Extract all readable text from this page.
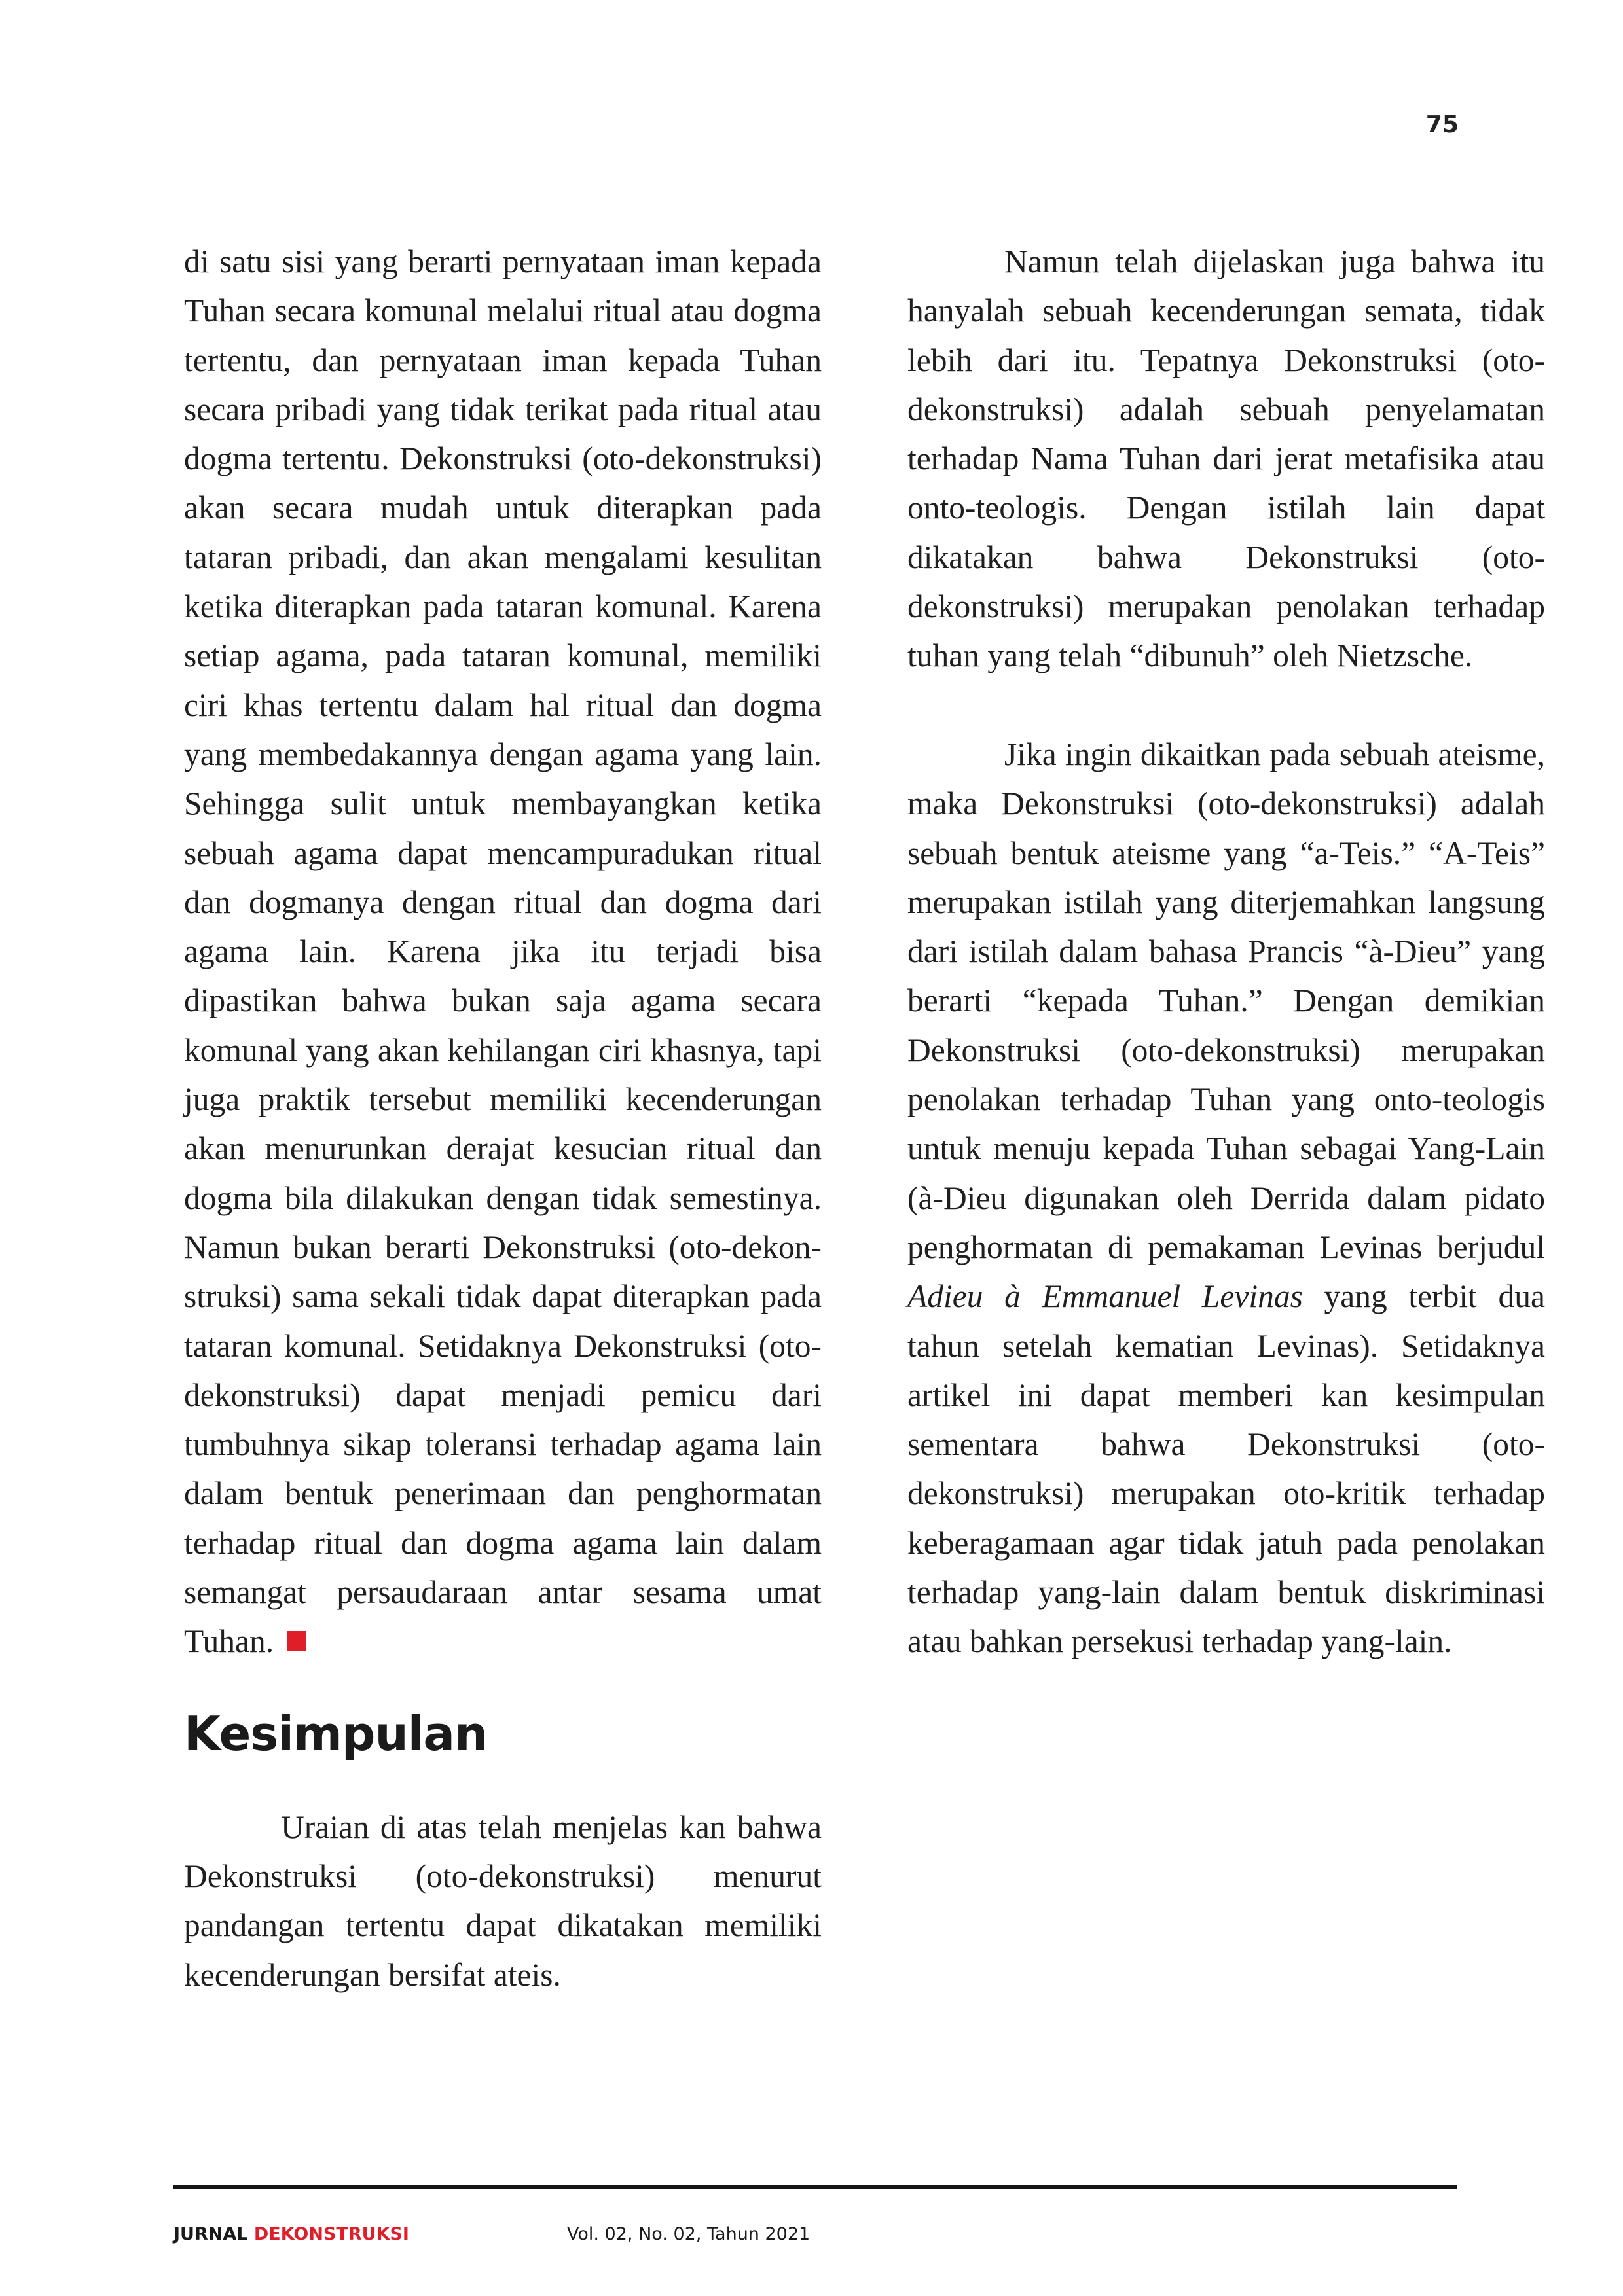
75

di satu sisi yang berarti pernyataan iman kepada Tuhan secara komunal melalui ritual atau dogma tertentu, dan pernyataan iman kepada Tuhan secara pribadi yang tidak terikat pada ritual atau dogma tertentu. Dekonstruksi (oto-dekonstruksi) akan secara mudah untuk diterapkan pada tataran pribadi, dan akan mengalami kesulitan ketika diterapkan pada tataran komunal. Karena setiap agama, pada tataran komunal, memiliki ciri khas tertentu dalam hal ritual dan dogma yang membedakannya dengan agama yang lain. Sehingga sulit untuk membayangkan ketika sebuah agama dapat mencampuradukan ritual dan dogmanya dengan ritual dan dogma dari agama lain. Karena jika itu terjadi bisa dipastikan bahwa bukan saja agama secara komunal yang akan kehilangan ciri khasnya, tapi juga praktik tersebut memiliki kecenderungan akan menurunkan derajat kesucian ritual dan dogma bila dilakukan dengan tidak semestinya. Namun bukan berarti Dekonstruksi (oto-dekonstruksi) sama sekali tidak dapat diterapkan pada tataran komunal. Setidaknya Dekonstruksi (oto-dekonstruksi) dapat menjadi pemicu dari tumbuhnya sikap toleransi terhadap agama lain dalam bentuk penerimaan dan penghormatan terhadap ritual dan dogma agama lain dalam semangat persaudaraan antar sesama umat Tuhan.

Kesimpulan

Uraian di atas telah menjelas kan bahwa Dekonstruksi (oto-dekonstruksi) menurut pandangan tertentu dapat dikatakan memiliki kecenderungan bersifat ateis.

Namun telah dijelaskan juga bahwa itu hanyalah sebuah kecenderungan semata, tidak lebih dari itu. Tepatnya Dekonstruksi (oto-dekonstruksi) adalah sebuah penyelamatan terhadap Nama Tuhan dari jerat metafisika atau onto-teologis. Dengan istilah lain dapat dikatakan bahwa Dekonstruksi (oto-dekonstruksi) merupakan penolakan terhadap tuhan yang telah “dibunuh” oleh Nietzsche.

Jika ingin dikaitkan pada sebuah ateisme, maka Dekonstruksi (oto-dekonstruksi) adalah sebuah bentuk ateisme yang “a-Teis.” “A-Teis” merupakan istilah yang diterjemahkan langsung dari istilah dalam bahasa Prancis “à-Dieu” yang berarti “kepada Tuhan.” Dengan demikian Dekonstruksi (oto-dekonstruksi) merupakan penolakan terhadap Tuhan yang onto-teologis untuk menuju kepada Tuhan sebagai Yang-Lain (à-Dieu digunakan oleh Derrida dalam pidato penghormatan di pemakaman Levinas berjudul Adieu à Emmanuel Levinas yang terbit dua tahun setelah kematian Levinas). Setidaknya artikel ini dapat memberi kan kesimpulan sementara bahwa Dekonstruksi (oto-dekonstruksi) merupakan oto-kritik terhadap keberagamaan agar tidak jatuh pada penolakan terhadap yang-lain dalam bentuk diskriminasi atau bahkan persekusi terhadap yang-lain.

JURNAL DEKONSTRUKSI	Vol. 02, No. 02, Tahun 2021
